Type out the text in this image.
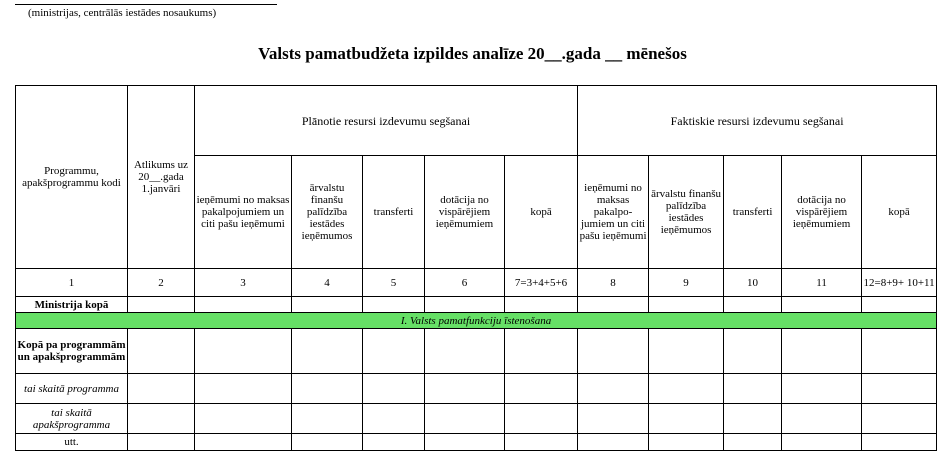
(ministrijas, centrālās iestādes nosaukums)
Valsts pamatbudžeta izpildes analīze 20__.gada __ mēnešos
Programmu, apakšprogrammu kodi	Atlikums uz 20__.gada 1.janvāri	Plānotie resursi izdevumu segšanai					Faktiskie resursi izdevumu segšanai				
		ieņēmumi no maksas pakalpojumiem un citi pašu ieņēmumi	ārvalstu finanšu palīdzība iestādes ieņēmumos	transferti	dotācija no vispārējiem ieņēmumiem	kopā	ieņēmumi no maksas pakalpo-jumiem un citi pašu ieņēmumi	ārvalstu finanšu palīdzība iestādes ieņēmumos	transferti	dotācija no vispārējiem ieņēmumiem	kopā
1	2	3	4	5	6	7=3+4+5+6	8	9	10	11	12=8+9+ 10+11
Ministrija kopā											
I. Valsts pamatfunkciju īstenošana											
Kopā pa programmām un apakšprogrammām											
tai skaitā programma											
tai skaitā apakšprogramma											
utt.											
